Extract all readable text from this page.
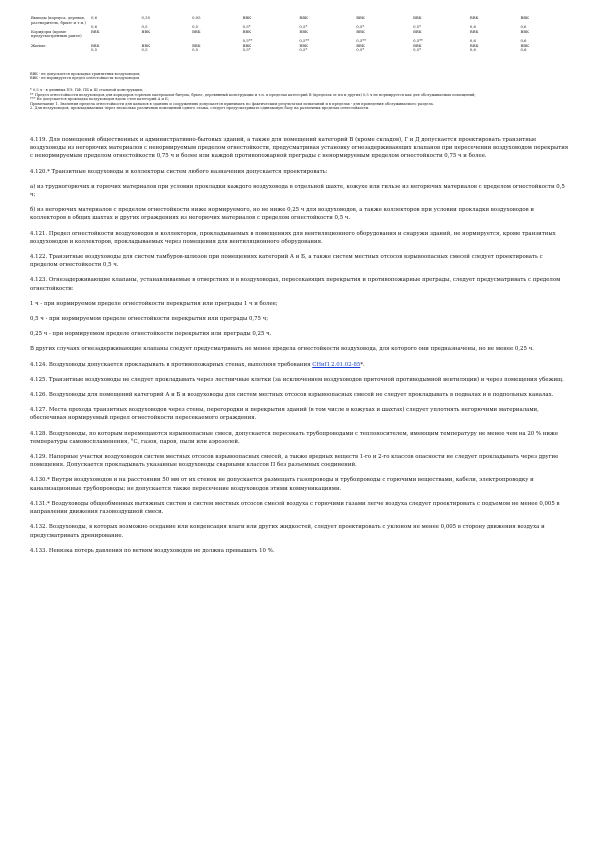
Выходы (корпуса, деревья, растворитель, брызг и т.п.)	0,6	0,35	0,05	ВВК	ВВК	ВВК	ВВК	ВВК	ВВК
	0,6	0,5	0,5	0,5*	0,5*	0,5*	0,5*	0,6	0,6
Коридоры (кроме предусмотренных ранее)	ВВК	ВВК	ВВК	ВВК	ВВК	ВВК	ВВК	ВВК	ВВК
				0,5**	0,5**	0,5**	0,5**	0,6	0,6
Жилые	ВВК	ВВК	ВВК	ВВК	ВВК	ВВК	ВВК	ВВК	ВВК
	0,5	0,5	0,5	0,5*	0,5*	0,5*	0,5*	0,6	0,6
ВВК - не допускается прокладка транзитных воздуховодов;
ВВК - не нормируется предел огнестойкости воздуховодов

* 0,5 ч - в длинных ПЭ, ПФ, ПБ и Ш стальной конструкции;

** Предел огнестойкости воздуховодов для коридоров горючих материалов битума, брызг, деревянный конструкции и т.п. в пределах категорий В (пределах от пп и других) 0,5 ч не нормируется как для обслуживаемых помещений;

*** Не допускается прокладка воздуховодов вдоль стен категорий А и Б;

Примечание 1. Значения предела огнестойкости для каналов в зданиях и сооружениях допускается принимать по фактическим результатам испытаний и в пределах - для проведения обслуживаемого раздела.

2. Для воздуховодов, прокладываемых через несколько различных помещений одного этажа, следует предусматривать одинаковую базу на различных пределах огнестойкости.

4.119. Для помещений общественных и административно-бытовых зданий, а также для помещений категорий В (кроме складов), Г и Д допускается проектировать транзитные воздуховоды из негорючих материалов с ненормируемым пределом огнестойкости, предусматривая установку огнезадерживающих клапанов при пересечении воздуховодом перекрытия с ненормируемым пределом огнестойкости 0,75 ч и более или каждой противопожарной преграды с ненормируемым пределом огнестойкости 0,75 ч и более.

4.120.* Транзитные воздуховоды и коллекторы систем любого назначения допускается проектировать:

а) из трудногорючих и горючих материалов при условии прокладки каждого воздуховода в отдельной шахте, кожухе или гильзе из негорючих материалов с пределом огнестойкости 0,5 ч;

б) из негорючих материалов с пределом огнестойкости ниже нормируемого, но не ниже 0,25 ч для воздуховодов, а также коллекторов при условии прокладки воздуховодов и коллекторов в общих шахтах и других ограждениях из негорючих материалов с пределом огнестойкости 0,5 ч.

4.121. Предел огнестойкости воздуховодов и коллекторов, прокладываемых в помещениях для вентиляционного оборудования и снаружи зданий, не нормируется, кроме транзитных воздуховодов и коллекторов, прокладываемых через помещения для вентиляционного оборудования.

4.122. Транзитные воздуховоды для систем тамбуров-шлюзов при помещениях категорий А и Б, а также систем местных отсосов взрывоопасных смесей следует проектировать с пределом огнестойкости 0,5 ч.

4.123. Огнезадерживающие клапаны, устанавливаемые в отверстиях и в воздуховодах, пересекающих перекрытия и противопожарные преграды, следует предусматривать с пределом огнестойкости:

1 ч - при нормируемом пределе огнестойкости перекрытия или преграды 1 ч и более;

0,5 ч - при нормируемом пределе огнестойкости перекрытия или преграды 0,75 ч;

0,25 ч - при нормируемом пределе огнестойкости перекрытия или преграды 0,25 ч.

В других случаях огнезадерживающие клапаны следует предусматривать не менее предела огнестойкости воздуховода, для которого они предназначены, но не менее 0,25 ч.

4.124. Воздуховоды допускается прокладывать в противопожарных стенах, выполняя требования СНиП 2.01.02-85*.

4.125. Транзитные воздуховоды не следует прокладывать через лестничные клетки (за исключением воздуховодов приточной противодымной вентиляции) и через помещения убежищ.

4.126. Воздуховоды для помещений категорий А и Б и воздуховоды для систем местных отсосов взрывоопасных смесей не следует прокладывать в подвалах и в подпольных каналах.

4.127. Места прохода транзитных воздуховодов через стены, перегородки и перекрытия зданий (в том числе в кожухах и шахтах) следует уплотнять негорючими материалами, обеспечивая нормируемый предел огнестойкости пересекаемого ограждения.

4.128. Воздуховоды, по которым перемещаются взрывоопасные смеси, допускается пересекать трубопроводами с теплоносителем, имеющим температуру не менее чем на 20 % ниже температуры самовоспламенения, °С, газов, паров, пыли или аэрозолей.

4.129. Напорные участки воздуховодов систем местных отсосов взрывоопасных смесей, а также вредных веществ 1-го и 2-го классов опасности не следует прокладывать через другие помещения. Допускается прокладывать указанные воздуховоды сварными классов П без разъемных соединений.

4.130.* Внутри воздуховодов и на расстоянии 50 мм от их стенок не допускается размещать газопроводы и трубопроводы с горючими веществами, кабели, электропроводку и канализационные трубопроводы; не допускается также пересечение воздуховодов этими коммуникациями.

4.131.* Воздуховоды общеобменных вытяжных систем и систем местных отсосов смесей воздуха с горючими газами легче воздуха следует проектировать с подъемом не менее 0,005 в направлении движения газовоздушной смеси.

4.132. Воздуховоды, в которых возможно оседание или конденсация влаги или других жидкостей, следует проектировать с уклоном не менее 0,005 в сторону движения воздуха и предусматривать дренирование.

4.133. Невязка потерь давления по ветвям воздуховодов не должна превышать 10 %.
